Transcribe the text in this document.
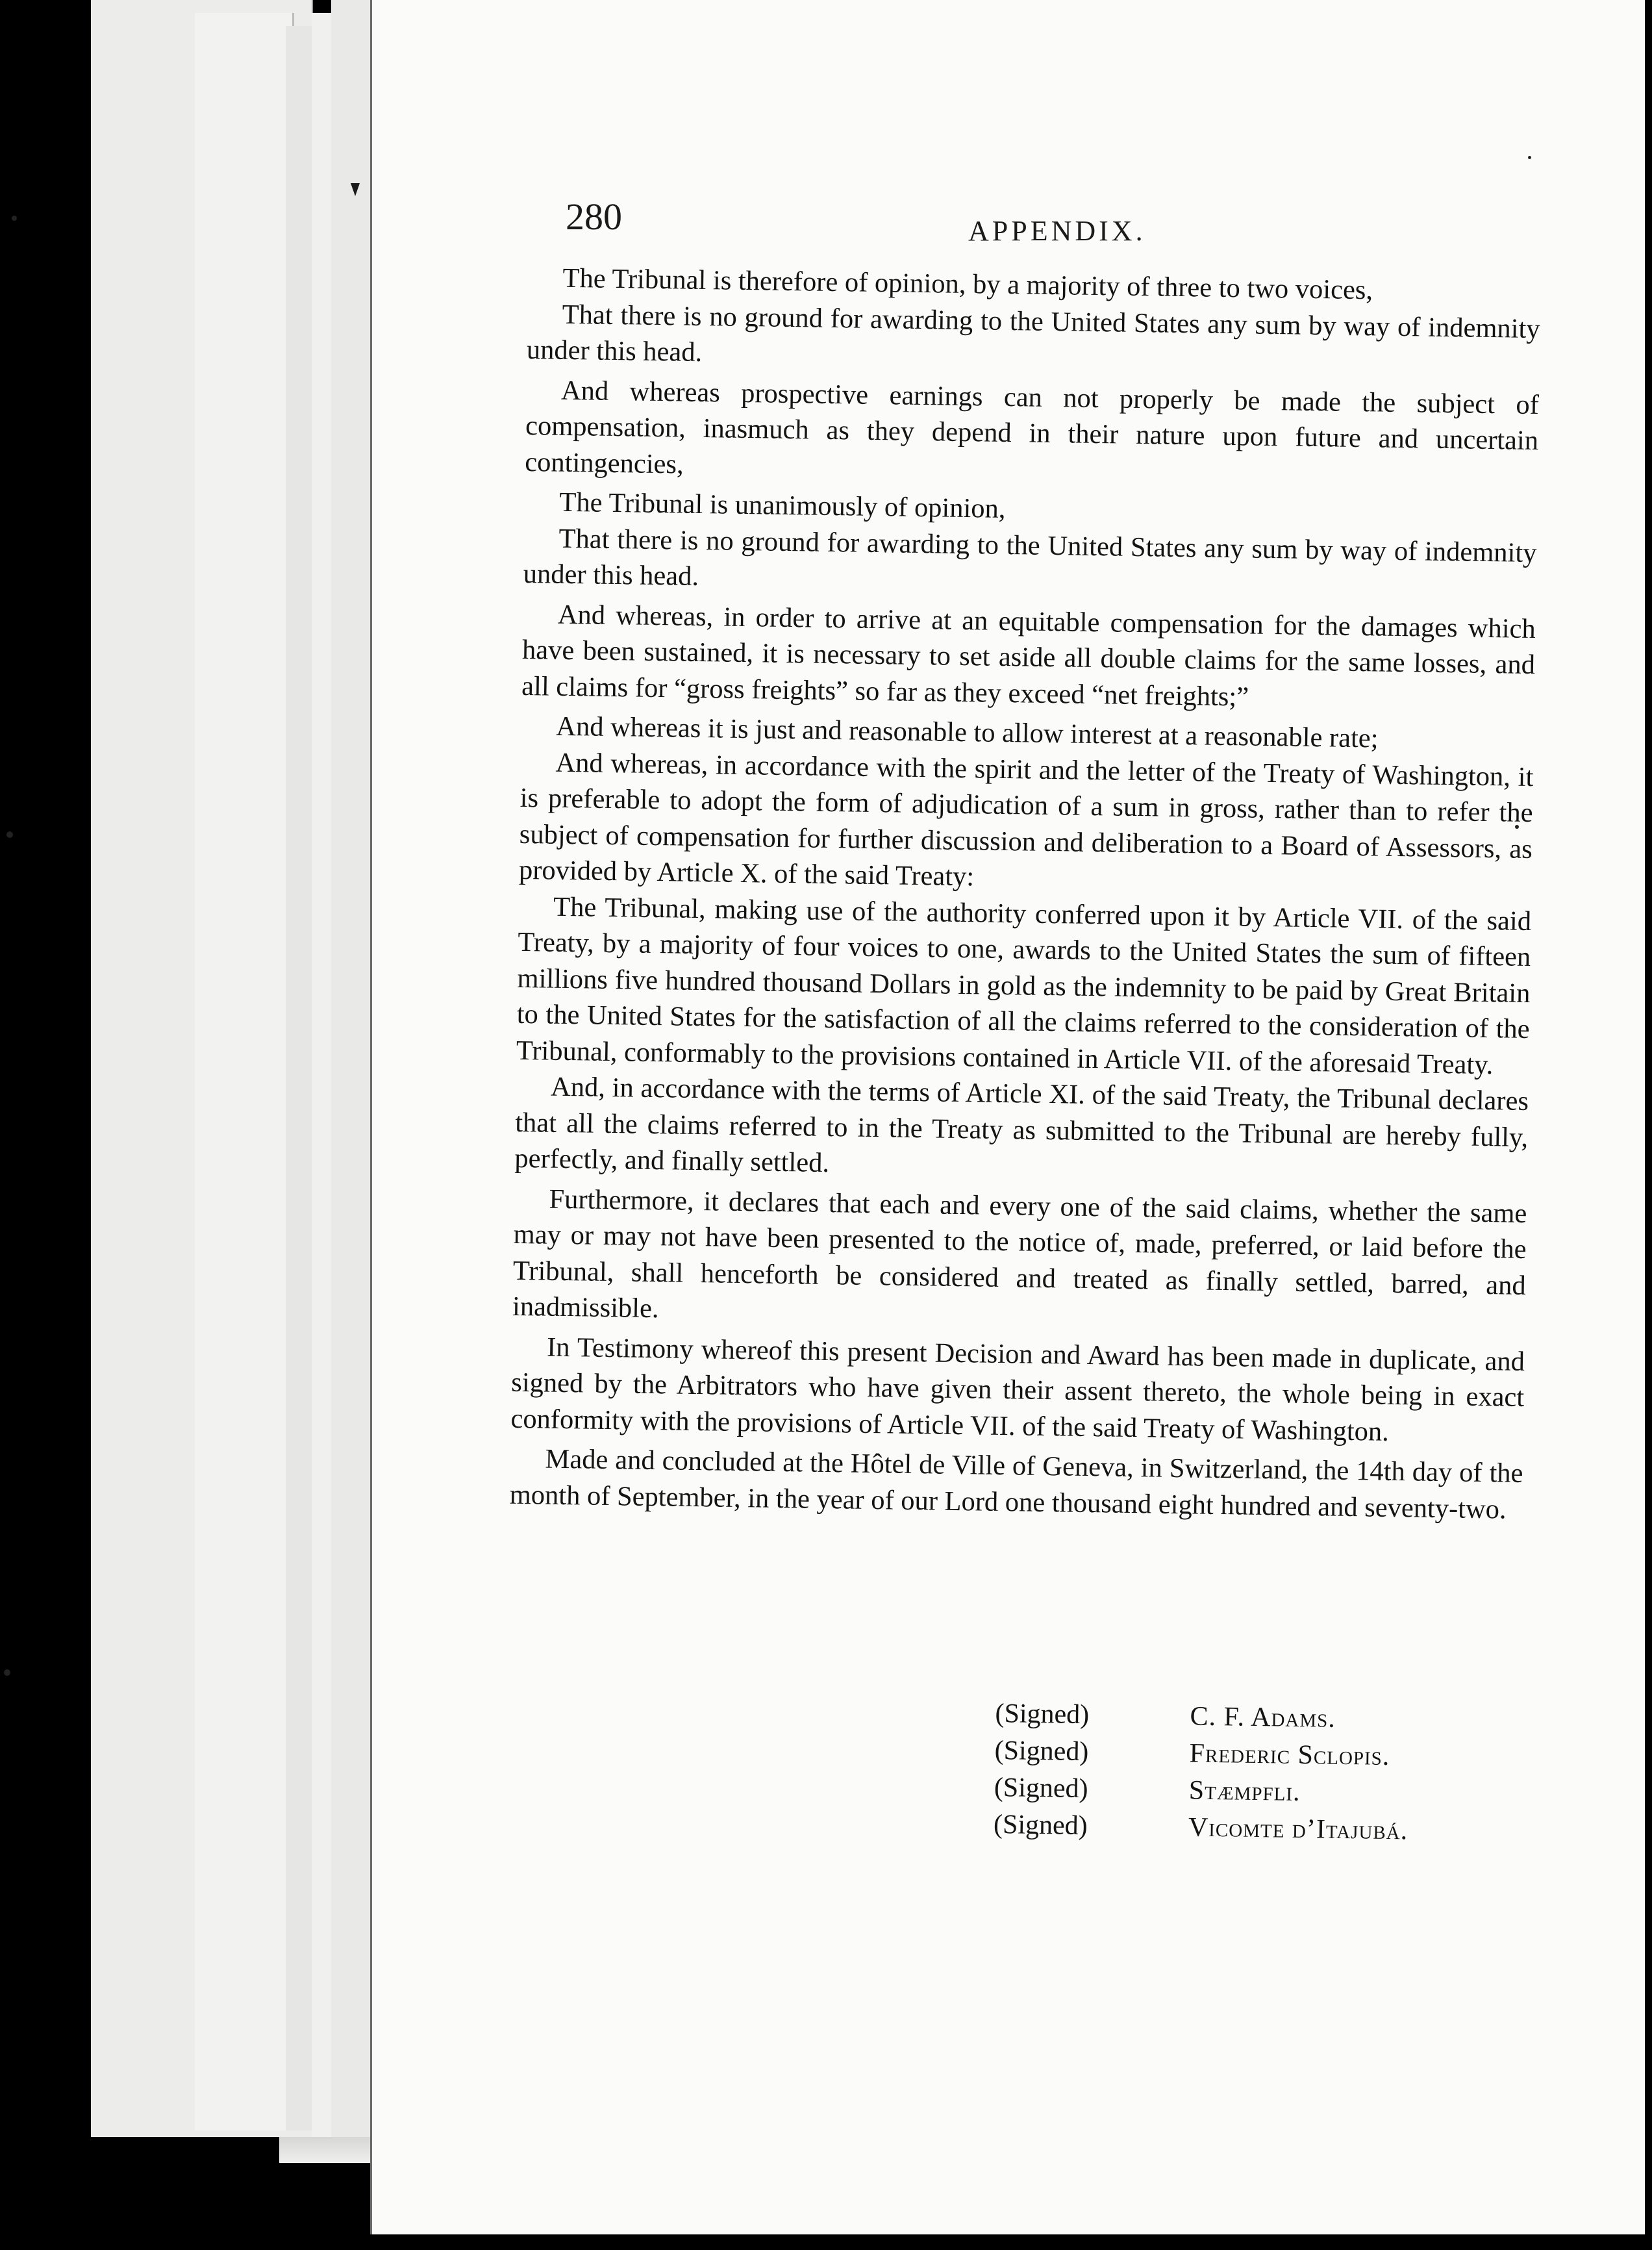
280	APPENDIX.

The Tribunal is therefore of opinion, by a majority of three to two voices,

That there is no ground for awarding to the United States any sum by way of indemnity under this head.

And whereas prospective earnings can not properly be made the subject of compensation, inasmuch as they depend in their nature upon future and uncertain contingencies,

The Tribunal is unanimously of opinion,

That there is no ground for awarding to the United States any sum by way of indemnity under this head.

And whereas, in order to arrive at an equitable compensation for the damages which have been sustained, it is necessary to set aside all double claims for the same losses, and all claims for “gross freights” so far as they exceed “net freights;”

And whereas it is just and reasonable to allow interest at a reasonable rate;

And whereas, in accordance with the spirit and the letter of the Treaty of Washington, it is preferable to adopt the form of adjudication of a sum in gross, rather than to refer the subject of compensation for further discussion and deliberation to a Board of Assessors, as provided by Article X. of the said Treaty:

The Tribunal, making use of the authority conferred upon it by Article VII. of the said Treaty, by a majority of four voices to one, awards to the United States the sum of fifteen millions five hundred thousand Dollars in gold as the indemnity to be paid by Great Britain to the United States for the satisfaction of all the claims referred to the consideration of the Tribunal, conformably to the provisions contained in Article VII. of the aforesaid Treaty.

And, in accordance with the terms of Article XI. of the said Treaty, the Tribunal declares that all the claims referred to in the Treaty as submitted to the Tribunal are hereby fully, perfectly, and finally settled.

Furthermore, it declares that each and every one of the said claims, whether the same may or may not have been presented to the notice of, made, preferred, or laid before the Tribunal, shall henceforth be considered and treated as finally settled, barred, and inadmissible.

In Testimony whereof this present Decision and Award has been made in duplicate, and signed by the Arbitrators who have given their assent thereto, the whole being in exact conformity with the provisions of Article VII. of the said Treaty of Washington.

Made and concluded at the Hôtel de Ville of Geneva, in Switzerland, the 14th day of the month of September, in the year of our Lord one thousand eight hundred and seventy-two.

(Signed)	C. F. Adams.
(Signed)	Frederic Sclopis.
(Signed)	Stæmpfli.
(Signed)	Vicomte d’Itajubá.
